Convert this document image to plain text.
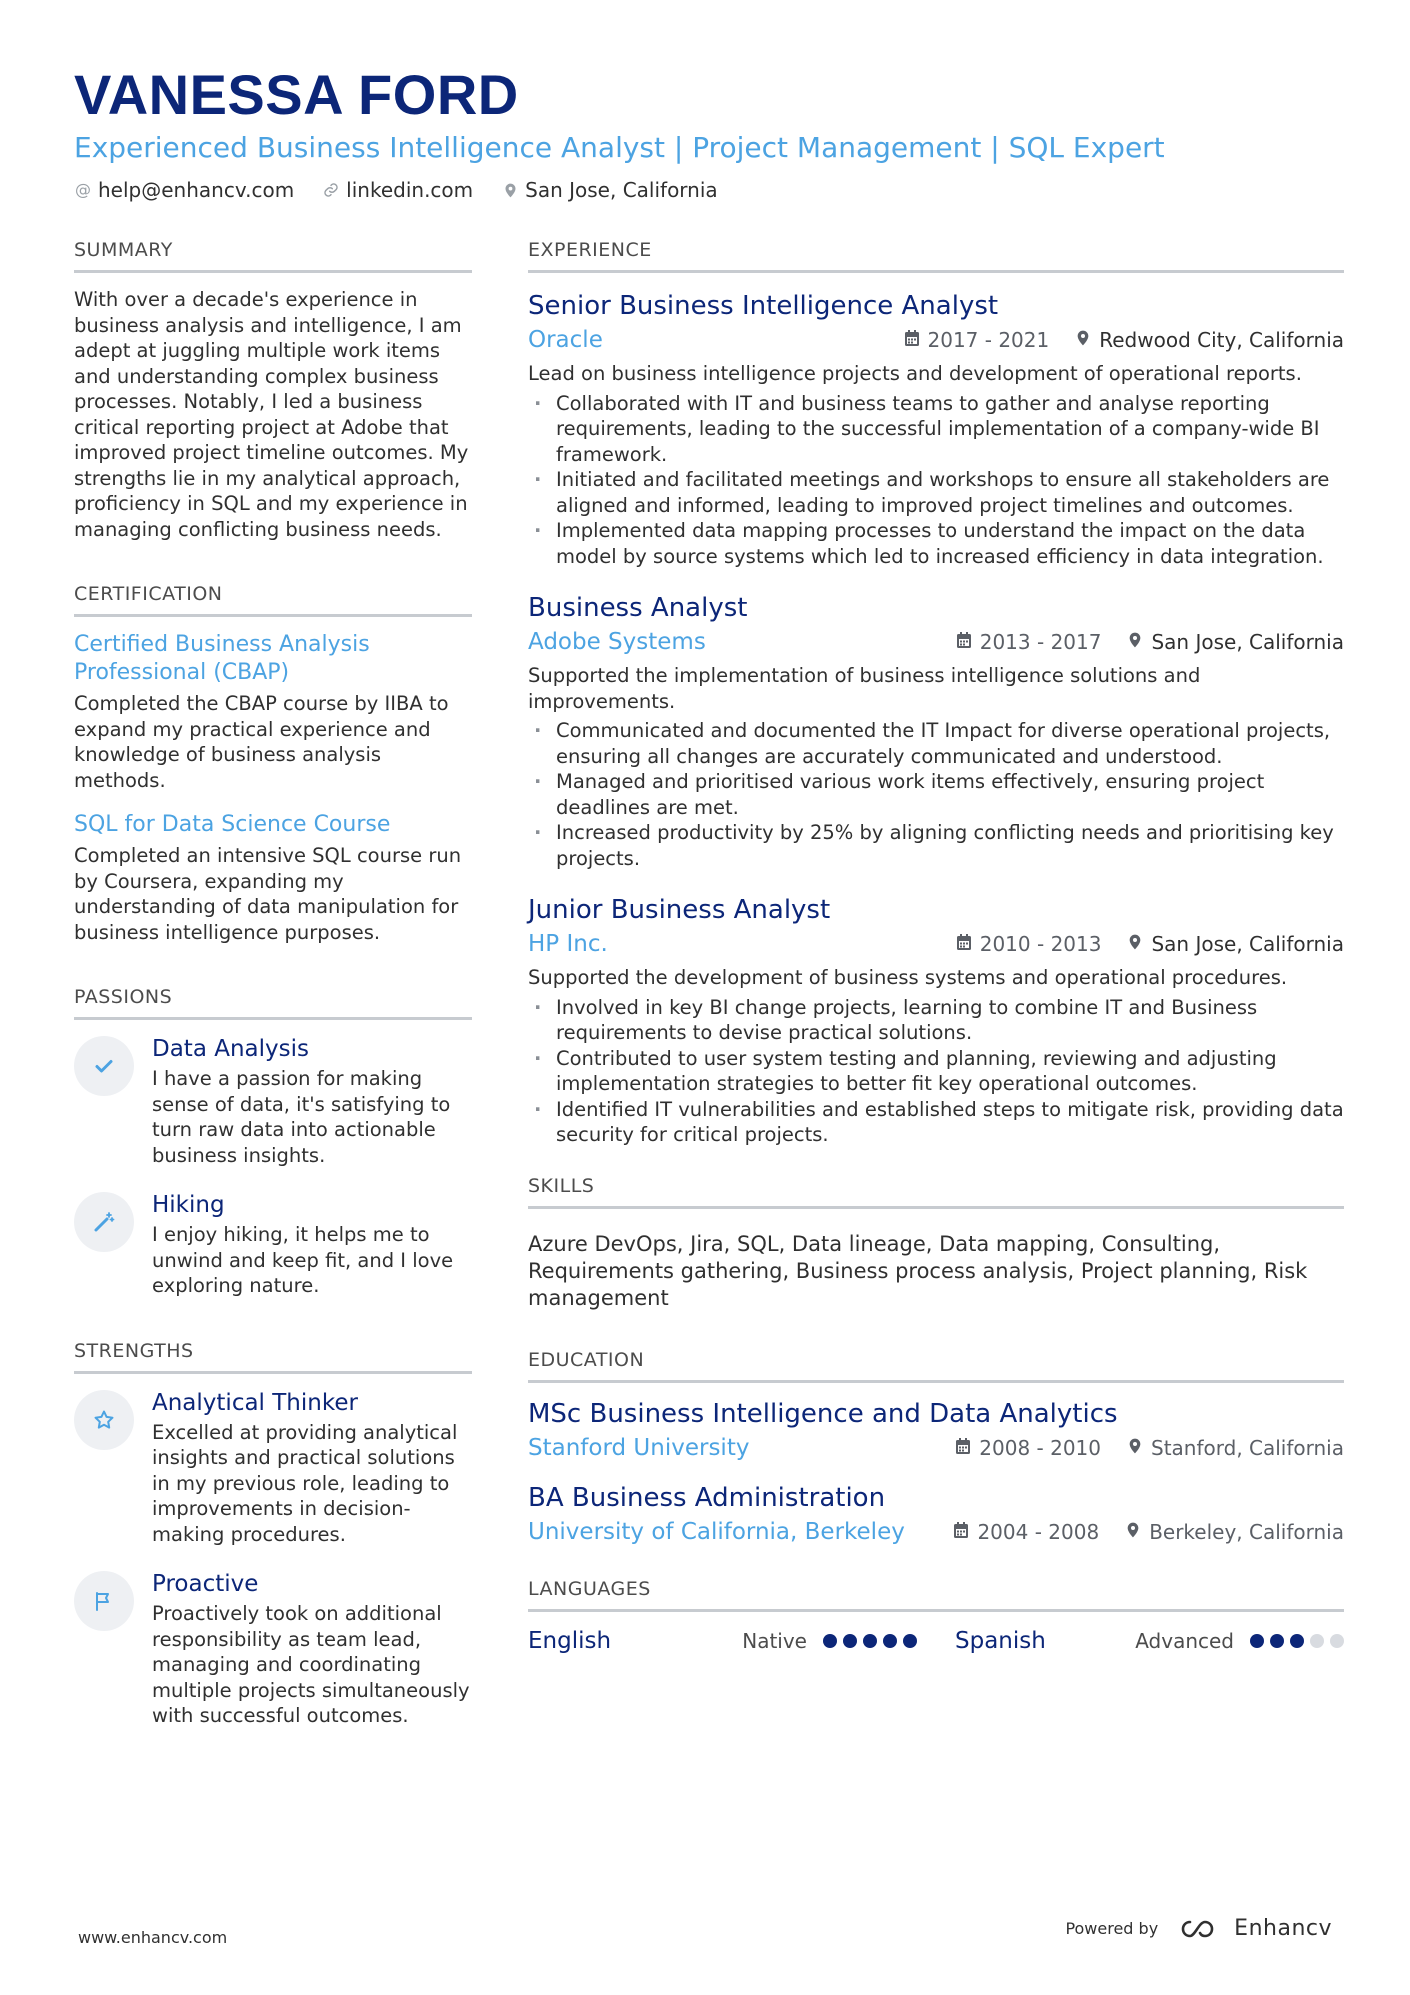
VANESSA FORD
Experienced Business Intelligence Analyst | Project Management | SQL Expert
@ help@enhancv.com	linkedin.com	San Jose, California
SUMMARY
With over a decade's experience in business analysis and intelligence, I am adept at juggling multiple work items and understanding complex business processes. Notably, I led a business critical reporting project at Adobe that improved project timeline outcomes. My strengths lie in my analytical approach, proficiency in SQL and my experience in managing conflicting business needs.
CERTIFICATION
Certified Business Analysis Professional (CBAP)
Completed the CBAP course by IIBA to expand my practical experience and knowledge of business analysis methods.
SQL for Data Science Course
Completed an intensive SQL course run by Coursera, expanding my understanding of data manipulation for business intelligence purposes.
PASSIONS
Data Analysis
I have a passion for making sense of data, it's satisfying to turn raw data into actionable business insights.
Hiking
I enjoy hiking, it helps me to unwind and keep fit, and I love exploring nature.
STRENGTHS
Analytical Thinker
Excelled at providing analytical insights and practical solutions in my previous role, leading to improvements in decision-making procedures.
Proactive
Proactively took on additional responsibility as team lead, managing and coordinating multiple projects simultaneously with successful outcomes.
EXPERIENCE
Senior Business Intelligence Analyst
Oracle	2017 - 2021	Redwood City, California
Lead on business intelligence projects and development of operational reports.
· Collaborated with IT and business teams to gather and analyse reporting requirements, leading to the successful implementation of a company-wide BI framework.
· Initiated and facilitated meetings and workshops to ensure all stakeholders are aligned and informed, leading to improved project timelines and outcomes.
· Implemented data mapping processes to understand the impact on the data model by source systems which led to increased efficiency in data integration.
Business Analyst
Adobe Systems	2013 - 2017	San Jose, California
Supported the implementation of business intelligence solutions and improvements.
· Communicated and documented the IT Impact for diverse operational projects, ensuring all changes are accurately communicated and understood.
· Managed and prioritised various work items effectively, ensuring project deadlines are met.
· Increased productivity by 25% by aligning conflicting needs and prioritising key projects.
Junior Business Analyst
HP Inc.	2010 - 2013	San Jose, California
Supported the development of business systems and operational procedures.
· Involved in key BI change projects, learning to combine IT and Business requirements to devise practical solutions.
· Contributed to user system testing and planning, reviewing and adjusting implementation strategies to better fit key operational outcomes.
· Identified IT vulnerabilities and established steps to mitigate risk, providing data security for critical projects.
SKILLS
Azure DevOps, Jira, SQL, Data lineage, Data mapping, Consulting, Requirements gathering, Business process analysis, Project planning, Risk management
EDUCATION
MSc Business Intelligence and Data Analytics
Stanford University	2008 - 2010	Stanford, California
BA Business Administration
University of California, Berkeley	2004 - 2008	Berkeley, California
LANGUAGES
English	Native	Spanish	Advanced
www.enhancv.com	Powered by	Enhancv
